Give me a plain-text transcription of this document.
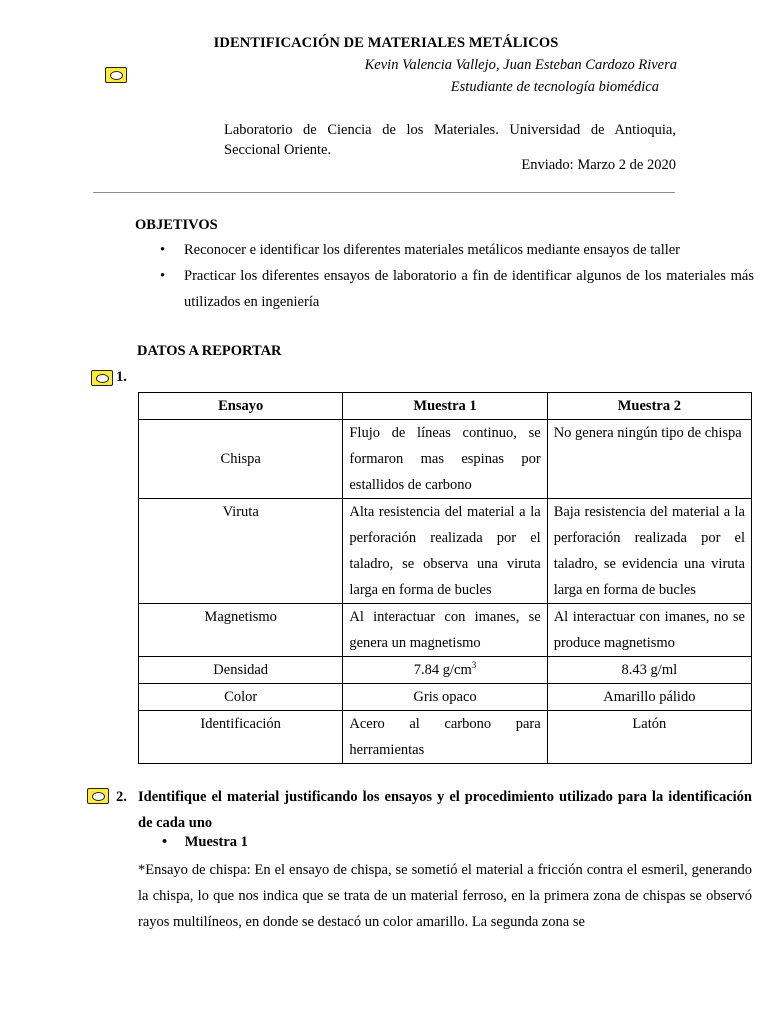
IDENTIFICACIÓN DE MATERIALES METÁLICOS
Kevin Valencia Vallejo, Juan Esteban Cardozo Rivera
Estudiante de tecnología biomédica
Laboratorio de Ciencia de los Materiales. Universidad de Antioquia, Seccional Oriente.
Enviado: Marzo 2 de 2020
OBJETIVOS
• Reconocer e identificar los diferentes materiales metálicos mediante ensayos de taller
• Practicar los diferentes ensayos de laboratorio a fin de identificar algunos de los materiales más utilizados en ingeniería
DATOS A REPORTAR
1.
Ensayo	Muestra 1	Muestra 2
Chispa	Flujo de líneas continuo, se formaron mas espinas por estallidos de carbono	No genera ningún tipo de chispa
Viruta	Alta resistencia del material a la perforación realizada por el taladro, se observa una viruta larga en forma de bucles	Baja resistencia del material a la perforación realizada por el taladro, se evidencia una viruta larga en forma de bucles
Magnetismo	Al interactuar con imanes, se genera un magnetismo	Al interactuar con imanes, no se produce magnetismo
Densidad	7.84 $g/cm^3$	8.43 g/ml
Color	Gris opaco	Amarillo pálido
Identificación	Acero al carbono para herramientas	Latón
2. Identifique el material justificando los ensayos y el procedimiento utilizado para la identificación de cada uno
• Muestra 1
*Ensayo de chispa: En el ensayo de chispa, se sometió el material a fricción contra el esmeril, generando la chispa, lo que nos indica que se trata de un material ferroso, en la primera zona de chispas se observó rayos multilíneos, en donde se destacó un color amarillo. La segunda zona se
